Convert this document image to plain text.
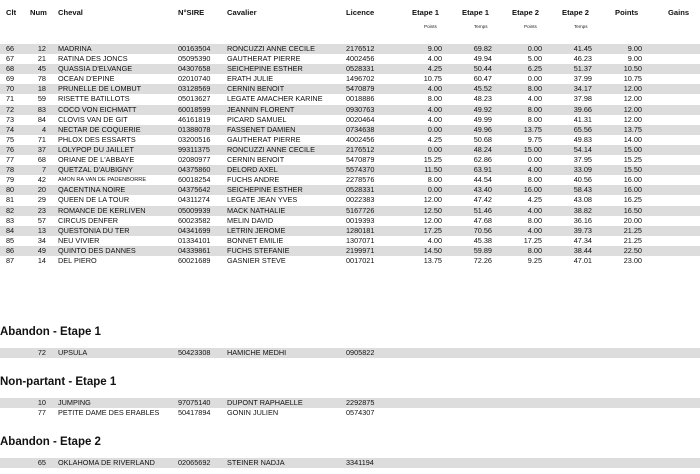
Clt Num Cheval	N°SIRE	Cavalier	Licence	Etape 1	Etape 1	Etape 2	Etape 2	Points	Gains
Points	Temps	Points	Temps
66	12 MADRINA	00163504	RONCUZZI ANNE CECILE	2176512	9.00	69.82	0.00	41.45	9.00
67	21 RATINA DES JONCS	05095390	GAUTHERAT PIERRE	4002456	4.00	49.94	5.00	46.23	9.00
68	45 QUASSIA D'ELVANGE	04307658	SEICHEPINE ESTHER	0528331	4.25	50.44	6.25	51.37	10.50
69	78 OCEAN D'EPINE	02010740	ERATH JULIE	1496702	10.75	60.47	0.00	37.99	10.75
70	18 PRUNELLE DE LOMBUT	03128569	CERNIN BENOIT	5470879	4.00	45.52	8.00	34.17	12.00
71	59 RISETTE BATILLOTS	05013627	LEGATE AMACHER KARINE	0018886	8.00	48.23	4.00	37.98	12.00
72	83 COCO VON EICHMATT	60018599	JEANNIN FLORENT	0930763	4.00	49.92	8.00	39.66	12.00
73	84 CLOVIS VAN DE GIT	46161819	PICARD SAMUEL	0020464	4.00	49.99	8.00	41.31	12.00
74	4 NECTAR DE COQUERIE	01388078	FASSENET DAMIEN	0734638	0.00	49.96	13.75	65.56	13.75
75	71 PHLOX DES ESSARTS	03200516	GAUTHERAT PIERRE	4002456	4.25	50.68	9.75	49.83	14.00
76	37 LOLYPOP DU JAILLET	99311375	RONCUZZI ANNE CECILE	2176512	0.00	48.24	15.00	54.14	15.00
77	68 ORIANE DE L'ABBAYE	02080977	CERNIN BENOIT	5470879	15.25	62.86	0.00	37.95	15.25
78	7 QUETZAL D'AUBIGNY	04375860	DELORD AXEL	5574370	11.50	63.91	4.00	33.09	15.50
79	42 AMON RA VAN DE PADENBORRE	60018254	FUCHS ANDRE	2278576	8.00	44.54	8.00	40.56	16.00
80	20 QACENTINA NOIRE	04375642	SEICHEPINE ESTHER	0528331	0.00	43.40	16.00	58.43	16.00
81	29 QUEEN DE LA TOUR	04311274	LEGATE JEAN YVES	0022383	12.00	47.42	4.25	43.08	16.25
82	23 ROMANCE DE KERLIVEN	05009939	MACK NATHALIE	5167726	12.50	51.46	4.00	38.82	16.50
83	57 CIRCUS DENFER	60023582	MELIN DAVID	0019393	12.00	47.68	8.00	36.16	20.00
84	13 QUESTONIA DU TER	04341699	LETRIN JEROME	1280181	17.25	70.56	4.00	39.73	21.25
85	34 NEU VIVIER	01334101	BONNET EMILIE	1307071	4.00	45.38	17.25	47.34	21.25
86	49 QUINTO DES DANNES	04339861	FUCHS STEFANIE	2199971	14.50	59.89	8.00	38.44	22.50
87	14 DEL PIERO	60021689	GASNIER STEVE	0017021	13.75	72.26	9.25	47.01	23.00
Abandon - Etape 1
72 UPSULA	50423308	HAMICHE MEDHI	0905822
Non-partant - Etape 1
10 JUMPING	97075140	DUPONT RAPHAELLE	2292875
77 PETITE DAME DES ERABLES	50417894	GONIN JULIEN	0574307
Abandon - Etape 2
65 OKLAHOMA DE RIVERLAND	02065692	STEINER NADJA	3341194
